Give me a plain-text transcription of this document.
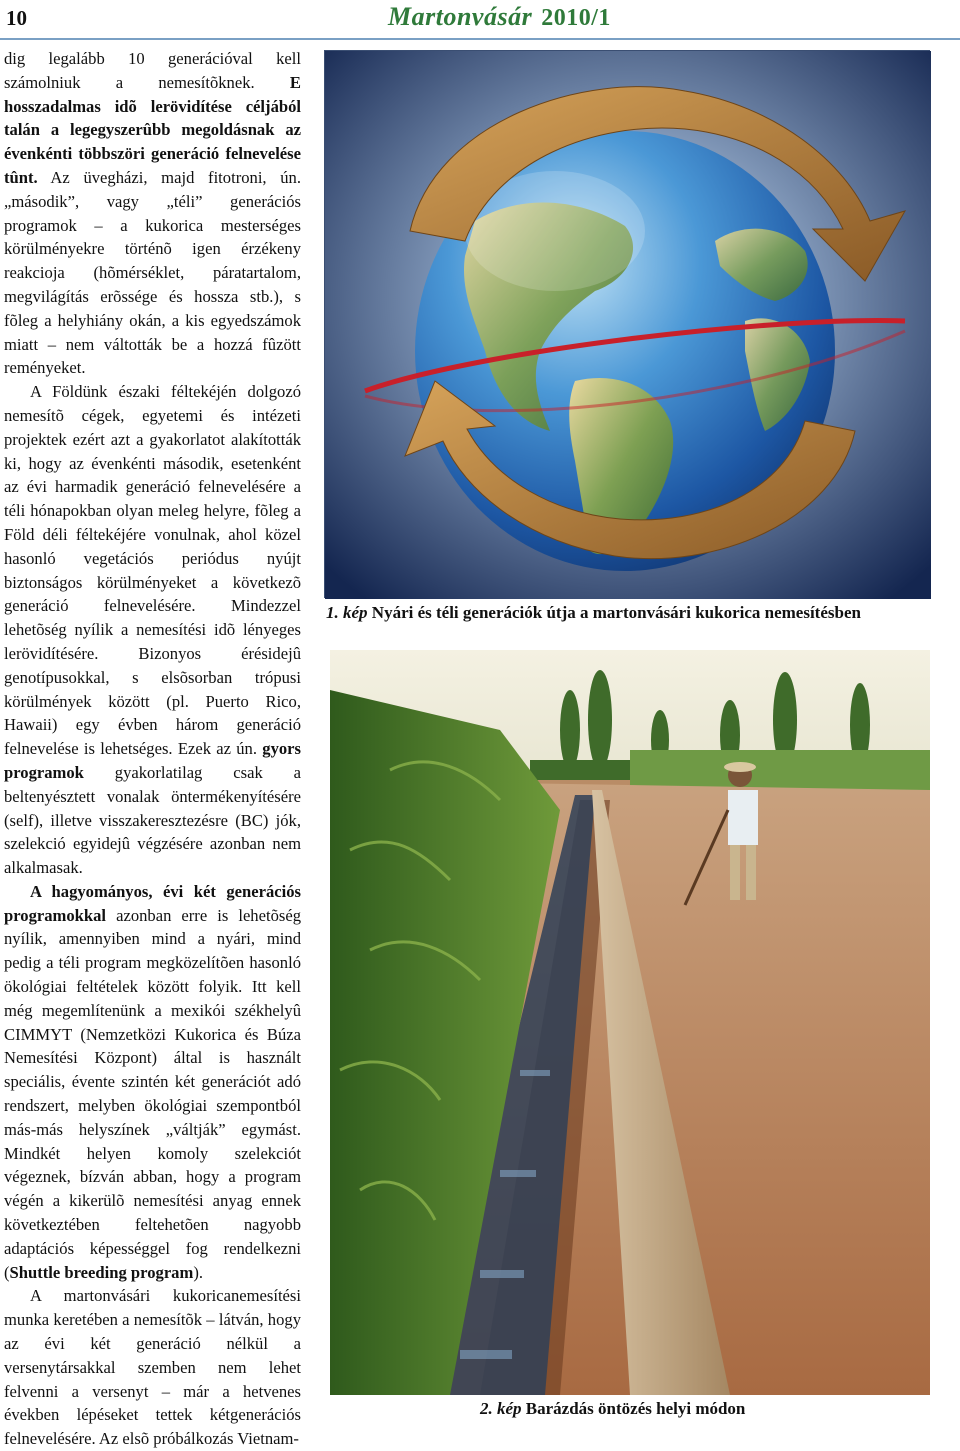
10	Martonvásár 2010/1

dig legalább 10 generációval kell számolniuk a nemesítõknek. E hosszadalmas idõ lerövidítése céljából talán a legegyszerûbb megoldásnak az évenkénti többszöri generáció felnevelése tûnt. Az üvegházi, majd fitotroni, ún. „második”, vagy „téli” generációs programok – a kukorica mesterséges körülményekre történõ igen érzékeny reakcioja (hõmérséklet, páratartalom, megvilágítás erõssége és hossza stb.), s fõleg a helyhiány okán, a kis egyedszámok miatt – nem váltották be a hozzá fûzött reményeket.

A Földünk északi féltekéjén dolgozó nemesítõ cégek, egyetemi és intézeti projektek ezért azt a gyakorlatot alakították ki, hogy az évenkénti második, esetenként az évi harmadik generáció felnevelésére a téli hónapokban olyan meleg helyre, fõleg a Föld déli féltekéjére vonulnak, ahol közel hasonló vegetációs periódus nyújt biztonságos körülményeket a következõ generáció felnevelésére. Mindezzel lehetõség nyílik a nemesítési idõ lényeges lerövidítésére. Bizonyos érésidejû genotípusokkal, s elsõsorban trópusi körülmények között (pl. Puerto Rico, Hawaii) egy évben három generáció felnevelése is lehetséges. Ezek az ún. gyors programok gyakorlatilag csak a beltenyésztett vonalak öntermékenyítésére (self), illetve visszakeresztezésre (BC) jók, szelekció egyidejû végzésére azonban nem alkalmasak.

A hagyományos, évi két generációs programokkal azonban erre is lehetõség nyílik, amennyiben mind a nyári, mind pedig a téli program megközelítõen hasonló ökológiai feltételek között folyik. Itt kell még megemlítenünk a mexikói székhelyû CIMMYT (Nemzetközi Kukorica és Búza Nemesítési Központ) által is használt speciális, évente szintén két generációt adó rendszert, melyben ökológiai szempontból más-más helyszínek „váltják” egymást. Mindkét helyen komoly szelekciót végeznek, bízván abban, hogy a program végén a kikerülõ nemesítési anyag ennek következtében feltehetõen nagyobb adaptációs képességgel fog rendelkezni (Shuttle breeding program).

A martonvásári kukoricanemesítési munka keretében a nemesítõk – látván, hogy az évi két generáció nélkül a versenytársakkal szemben nem lehet felvenni a versenyt – már a hetvenes években lépéseket tettek kétgenerációs felnevelésére. Az elsõ próbálkozás Vietnam-

1. kép Nyári és téli generációk útja a martonvásári kukorica nemesítésben
2. kép Barázdás öntözés helyi módon
